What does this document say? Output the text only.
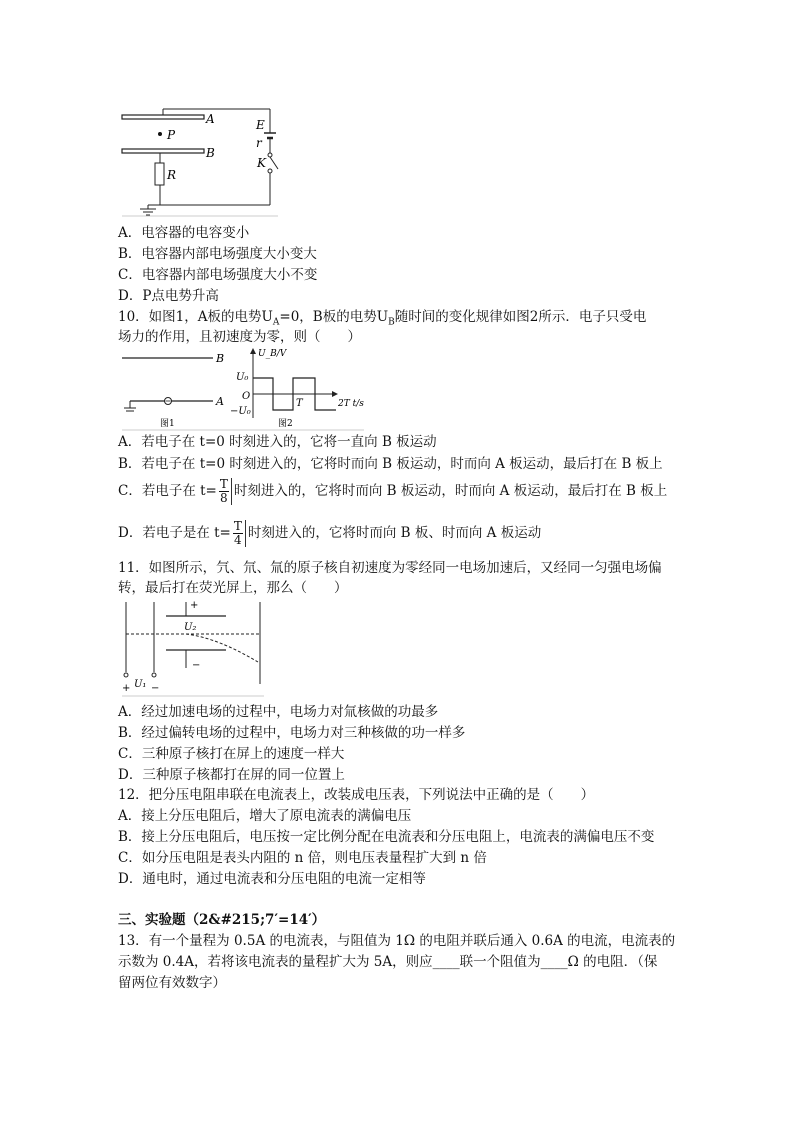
P
A
B
E
r
K
R
A．电容器的电容变小
B．电容器内部电场强度大小变大
C．电容器内部电场强度大小不变
D．P点电势升高
10．如图1，A板的电势$U_A=0$，B板的电势$U_B$随时间的变化规律如图2所示．电子只受电
场力的作用，且初速度为零，则（　　）
B
A
图1
U_B/V
U₀
O
−U₀
T	2T t/s
图2
A．若电子在 t=0 时刻进入的，它将一直向 B 板运动
B．若电子在 t=0 时刻进入的，它将时而向 B 板运动，时而向 A 板运动，最后打在 B 板上
C．若电子在 $t= \frac{T}{8}$ 时刻进入的，它将时而向 B 板运动，时而向 A 板运动，最后打在 B 板上
D．若电子是在 $t= \frac{T}{4}$ 时刻进入的，它将时而向 B 板、时而向 A 板运动
11．如图所示，氕、氘、氚的原子核自初速度为零经同一电场加速后，又经同一匀强电场偏
转，最后打在荧光屏上，那么（　　）
+ U₁ −
+
U₂
−
A．经过加速电场的过程中，电场力对氚核做的功最多
B．经过偏转电场的过程中，电场力对三种核做的功一样多
C．三种原子核打在屏上的速度一样大
D．三种原子核都打在屏的同一位置上
12．把分压电阻串联在电流表上，改装成电压表，下列说法中正确的是（　　）
A．接上分压电阻后，增大了原电流表的满偏电压
B．接上分压电阻后，电压按一定比例分配在电流表和分压电阻上，电流表的满偏电压不变
C．如分压电阻是表头内阻的 n 倍，则电压表量程扩大到 n 倍
D．通电时，通过电流表和分压电阻的电流一定相等
三、实验题（2&#215;7′=14′）
13．有一个量程为 0.5A 的电流表，与阻值为 1Ω 的电阻并联后通入 0.6A 的电流，电流表的
示数为 0.4A，若将该电流表的量程扩大为 5A，则应____联一个阻值为____Ω 的电阻．（保
留两位有效数字）
